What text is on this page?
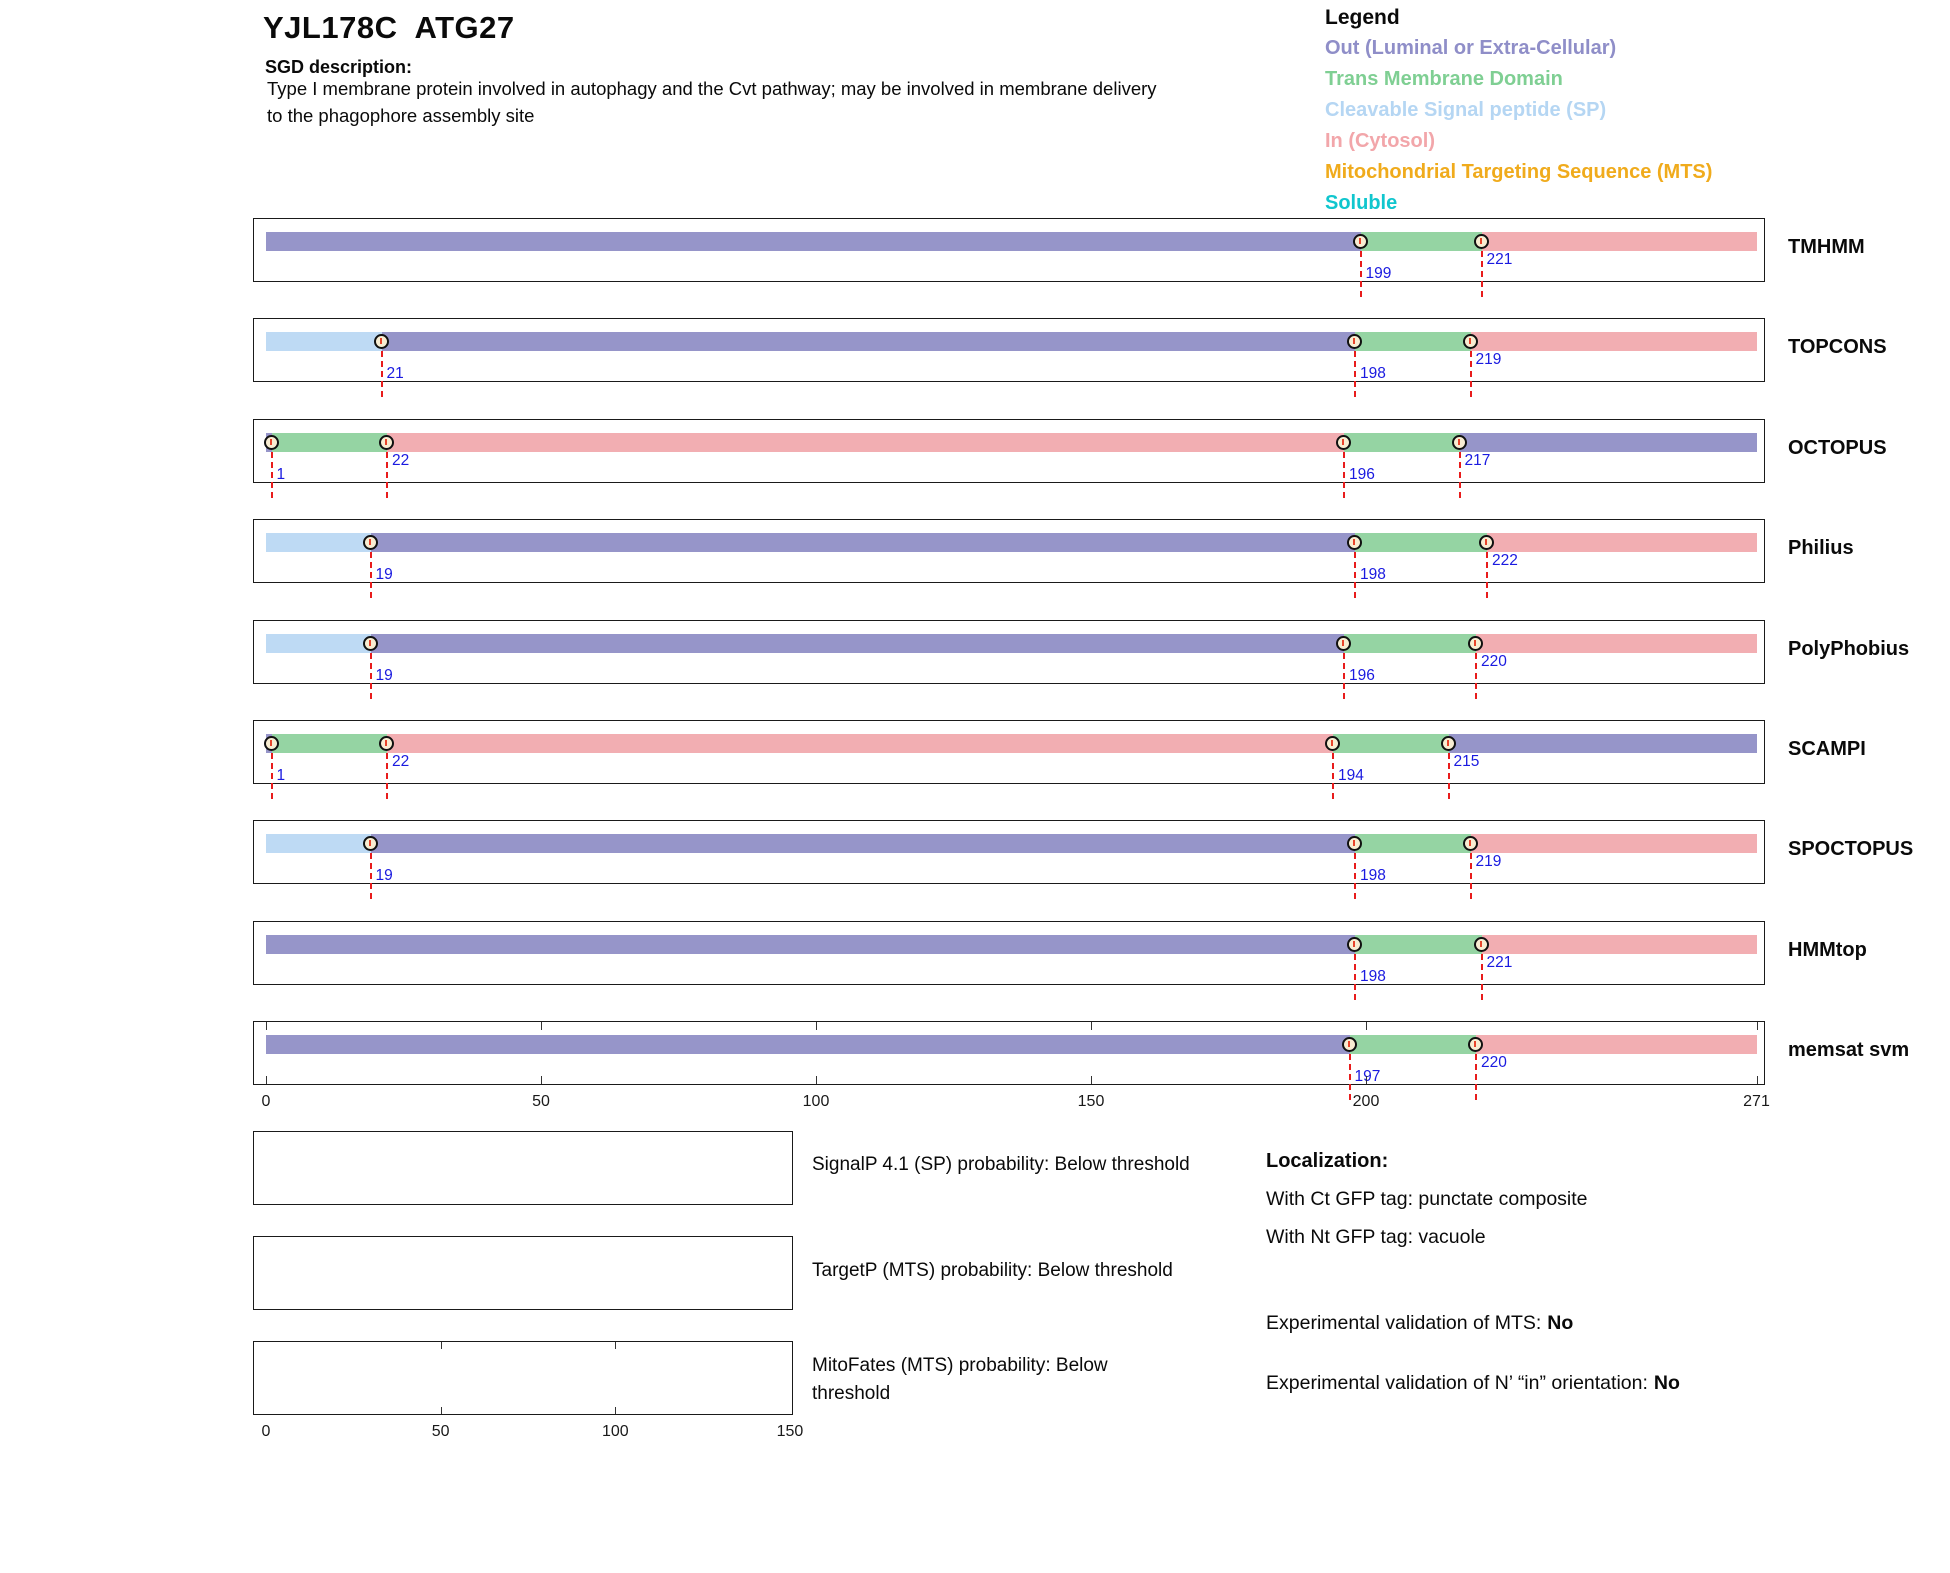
YJL178C  ATG27
SGD description:
Type I membrane protein involved in autophagy and the Cvt pathway; may be involved in membrane delivery
to the phagophore assembly site
Legend
Out (Luminal or Extra-Cellular)
Trans Membrane Domain
Cleavable Signal peptide (SP)
In (Cytosol)
Mitochondrial Targeting Sequence (MTS)
Soluble
199
221
TMHMM
21	198
219
TOPCONS
1
22
196
217
OCTOPUS
19	198
222
Philius
19	196
220
PolyPhobius
1
22
194
215
SCAMPI
19	198
219
SPOCTOPUS
198
221
HMMtop
197
220
memsat svm
0	50	100	150	200	271
SignalP 4.1 (SP) probability: Below threshold
TargetP (MTS) probability: Below threshold
MitoFates (MTS) probability: Below threshold
0	50	100	150
Localization:
With Ct GFP tag: punctate composite
With Nt GFP tag: vacuole
Experimental validation of MTS: No
Experimental validation of N’ “in” orientation: No
